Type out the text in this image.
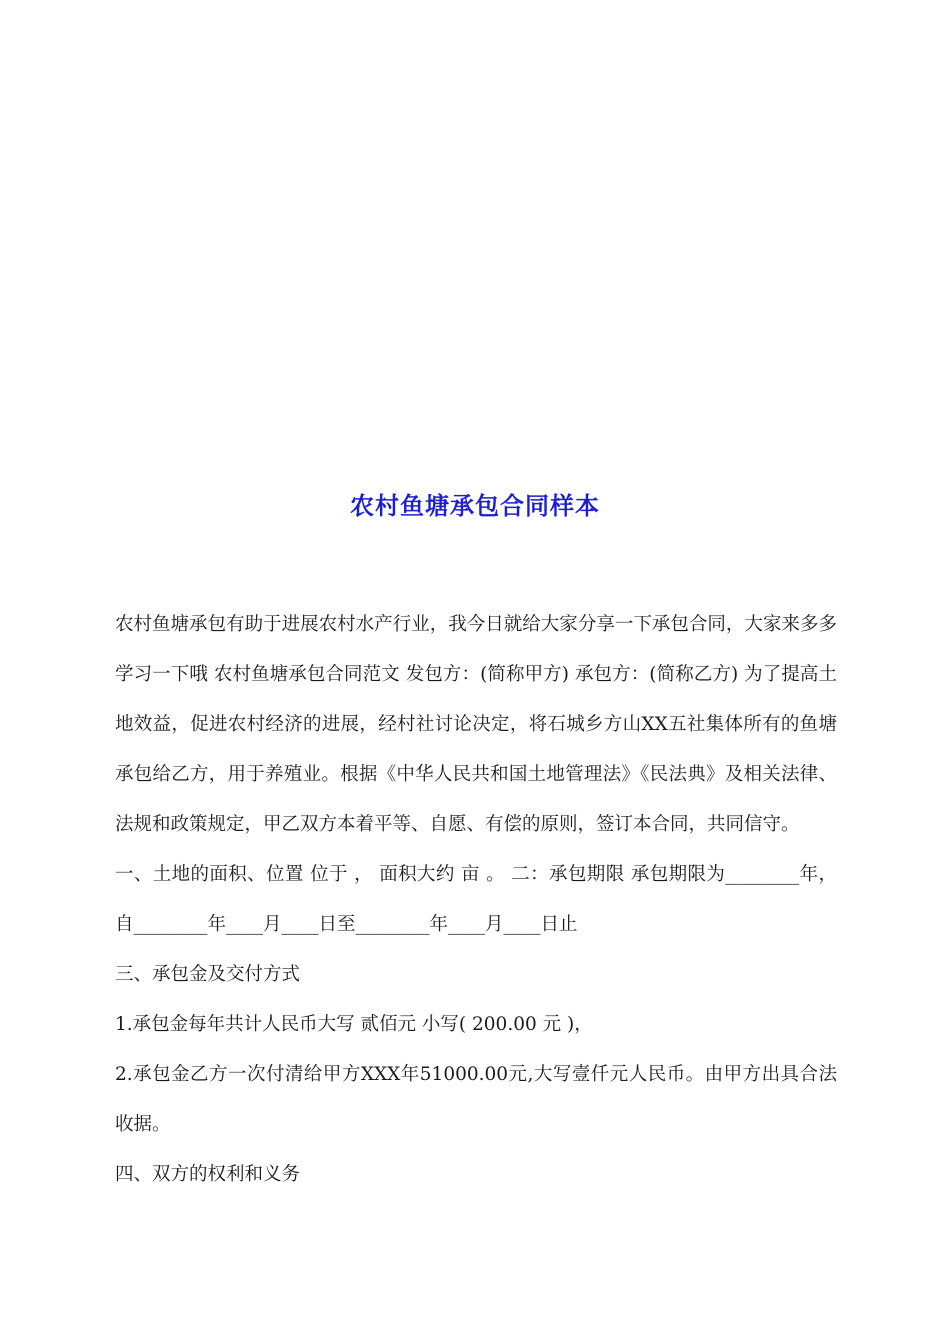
农村鱼塘承包合同样本

农村鱼塘承包有助于进展农村水产行业，我今日就给大家分享一下承包合同，大家来多多学习一下哦 农村鱼塘承包合同范文 发包方：(简称甲方) 承包方：(简称乙方) 为了提高土地效益，促进农村经济的进展，经村社讨论决定，将石城乡方山XX五社集体所有的鱼塘承包给乙方，用于养殖业。根据《中华人民共和国土地管理法》《民法典》及相关法律、法规和政策规定，甲乙双方本着平等、自愿、有偿的原则，签订本合同，共同信守。

一、土地的面积、位置 位于 ， 面积大约 亩 。 二：承包期限 承包期限为________年，自________年____月____日至________年____月____日止

三、承包金及交付方式

1.承包金每年共计人民币大写 贰佰元 小写( 200.00 元 )，

2.承包金乙方一次付清给甲方XXX年51000.00元,大写壹仟元人民币。由甲方出具合法收据。

四、双方的权利和义务
